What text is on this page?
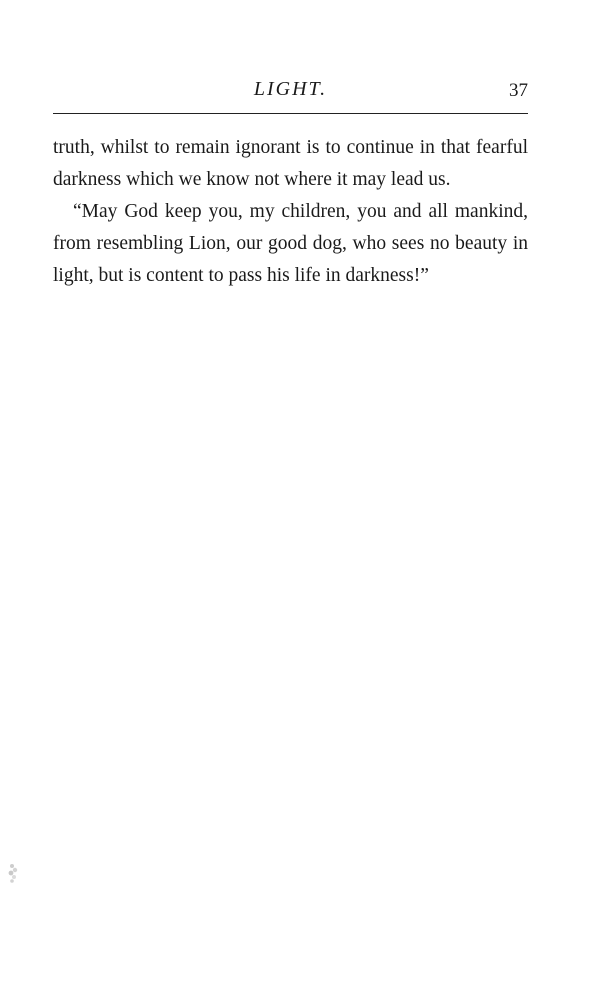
LIGHT.	37

truth, whilst to remain ignorant is to continue in that fearful darkness which we know not where it may lead us.

“May God keep you, my children, you and all mankind, from resembling Lion, our good dog, who sees no beauty in light, but is content to pass his life in darkness!”
